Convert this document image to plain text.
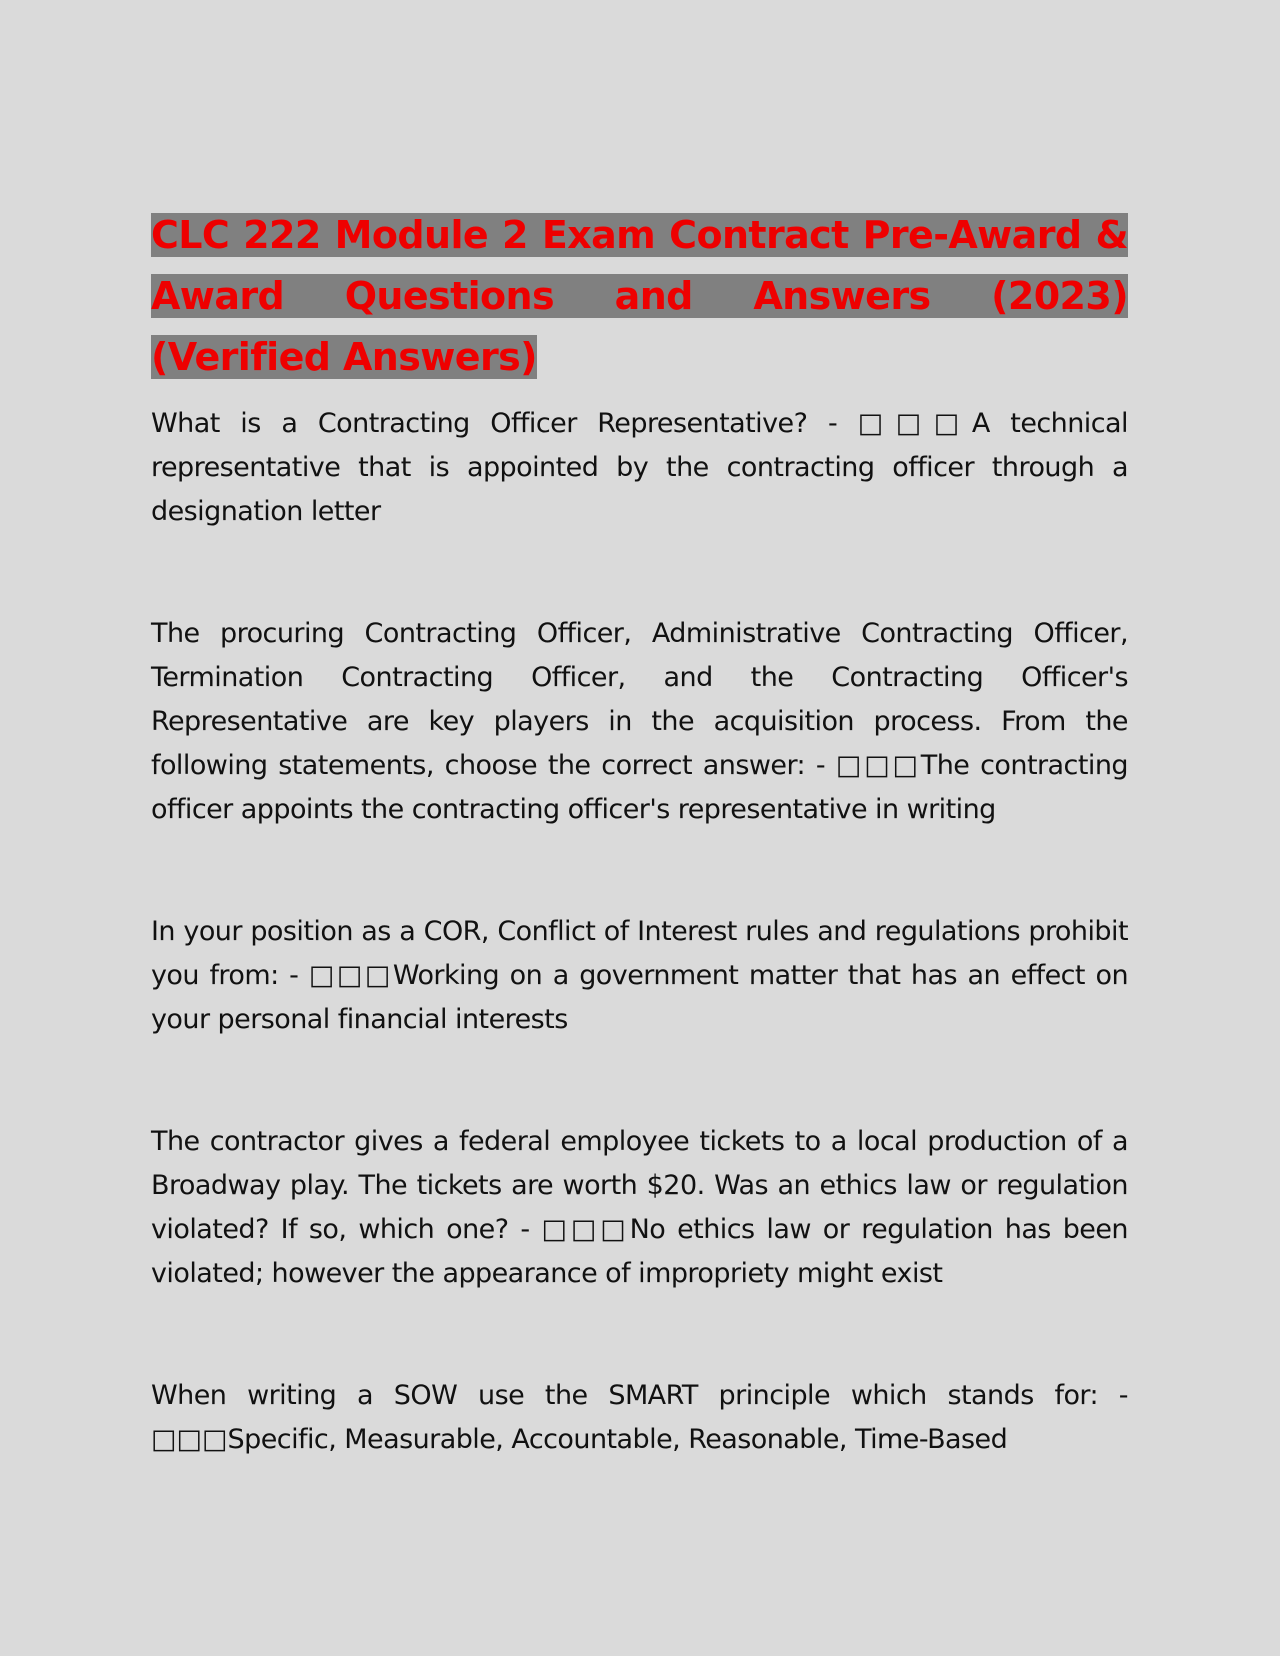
CLC 222 Module 2 Exam Contract Pre-Award & Award Questions and Answers (2023) (Verified Answers)

What is a Contracting Officer Representative? - □□□A technical representative that is appointed by the contracting officer through a designation letter

The procuring Contracting Officer, Administrative Contracting Officer, Termination Contracting Officer, and the Contracting Officer's Representative are key players in the acquisition process. From the following statements, choose the correct answer: - □□□The contracting officer appoints the contracting officer's representative in writing

In your position as a COR, Conflict of Interest rules and regulations prohibit you from: - □□□Working on a government matter that has an effect on your personal financial interests

The contractor gives a federal employee tickets to a local production of a Broadway play. The tickets are worth $20. Was an ethics law or regulation violated? If so, which one? - □□□No ethics law or regulation has been violated; however the appearance of impropriety might exist

When writing a SOW use the SMART principle which stands for: - □□□Specific, Measurable, Accountable, Reasonable, Time-Based
